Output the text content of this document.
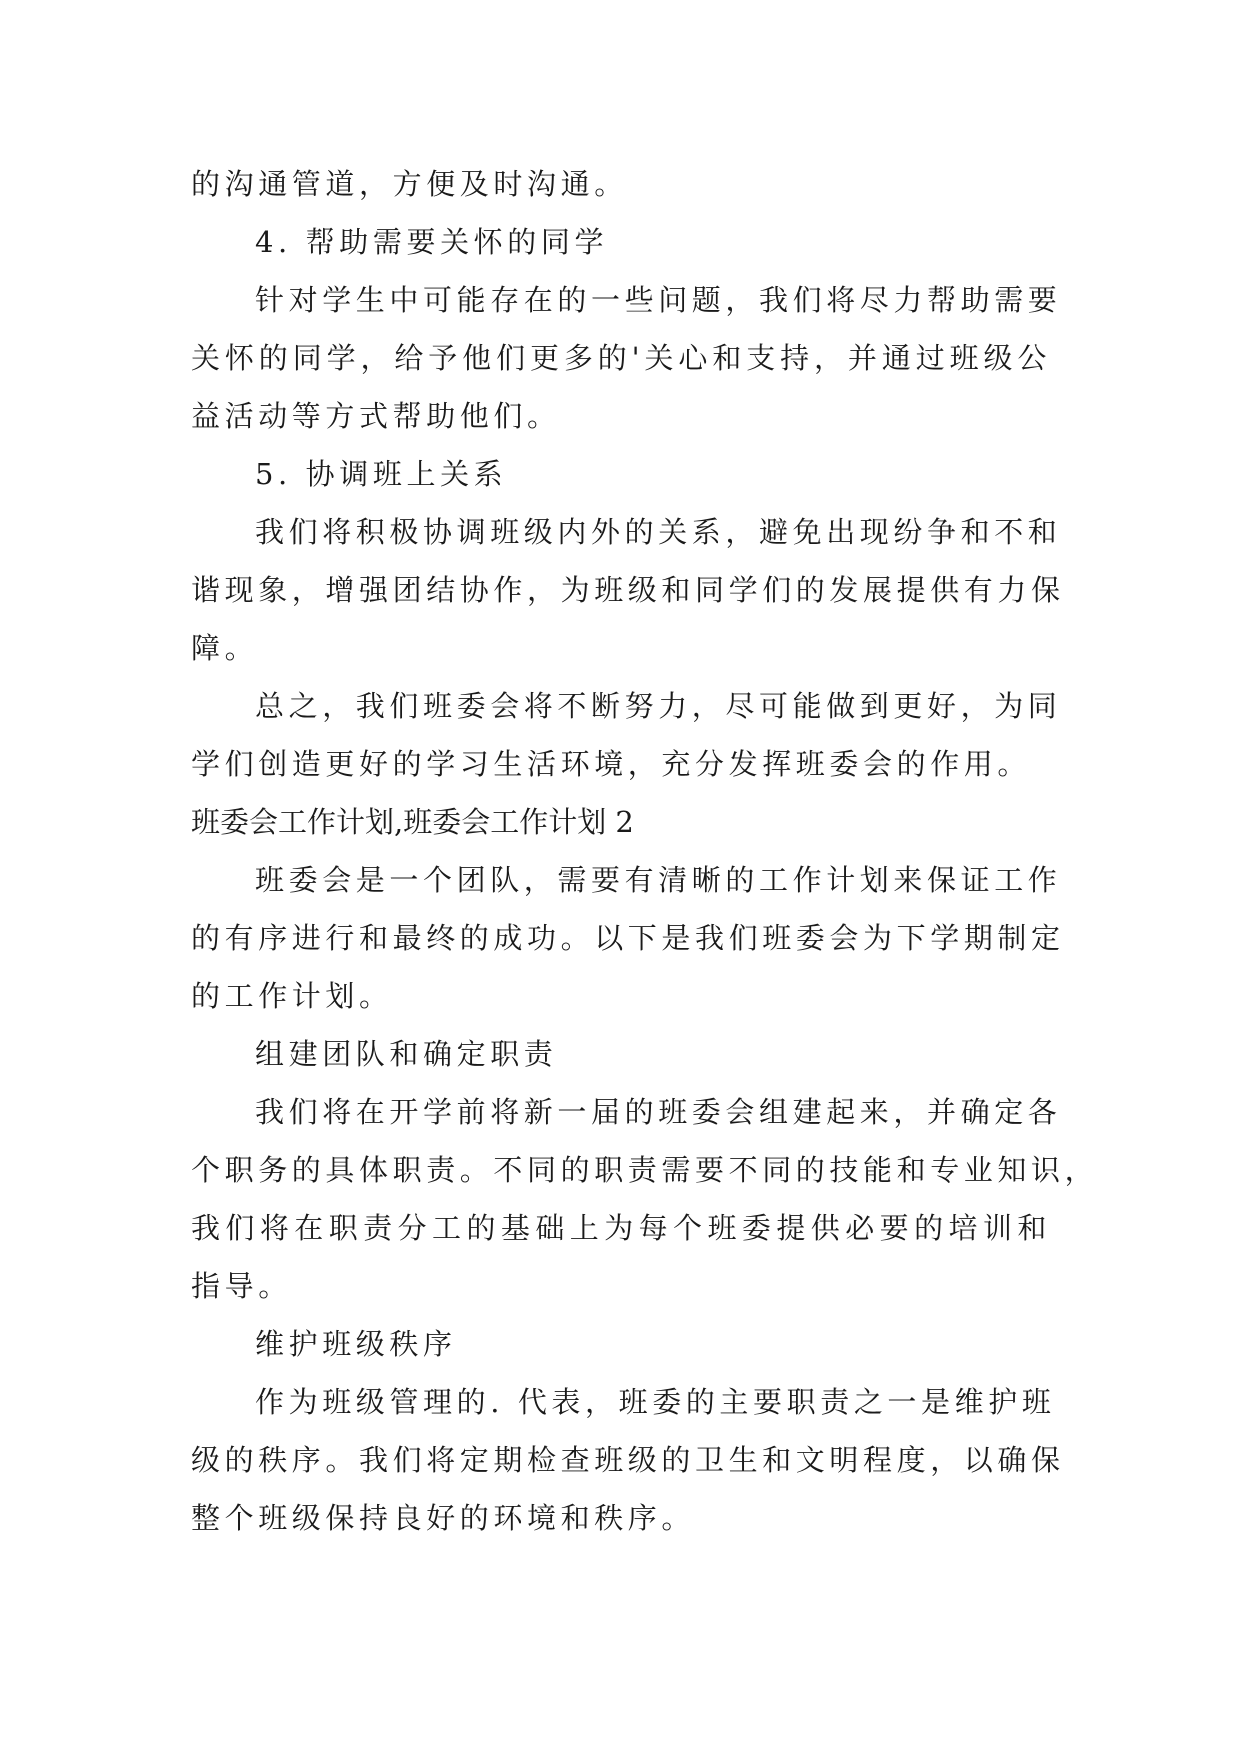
的沟通管道，方便及时沟通。
4. 帮助需要关怀的同学
针对学生中可能存在的一些问题，我们将尽力帮助需要
关怀的同学，给予他们更多的'关心和支持，并通过班级公
益活动等方式帮助他们。
5. 协调班上关系
我们将积极协调班级内外的关系，避免出现纷争和不和
谐现象，增强团结协作，为班级和同学们的发展提供有力保
障。
总之，我们班委会将不断努力，尽可能做到更好，为同
学们创造更好的学习生活环境，充分发挥班委会的作用。
班委会工作计划,班委会工作计划 2
班委会是一个团队，需要有清晰的工作计划来保证工作
的有序进行和最终的成功。以下是我们班委会为下学期制定
的工作计划。
组建团队和确定职责
我们将在开学前将新一届的班委会组建起来，并确定各
个职务的具体职责。不同的职责需要不同的技能和专业知识，
我们将在职责分工的基础上为每个班委提供必要的培训和
指导。
维护班级秩序
作为班级管理的. 代表，班委的主要职责之一是维护班
级的秩序。我们将定期检查班级的卫生和文明程度，以确保
整个班级保持良好的环境和秩序。
